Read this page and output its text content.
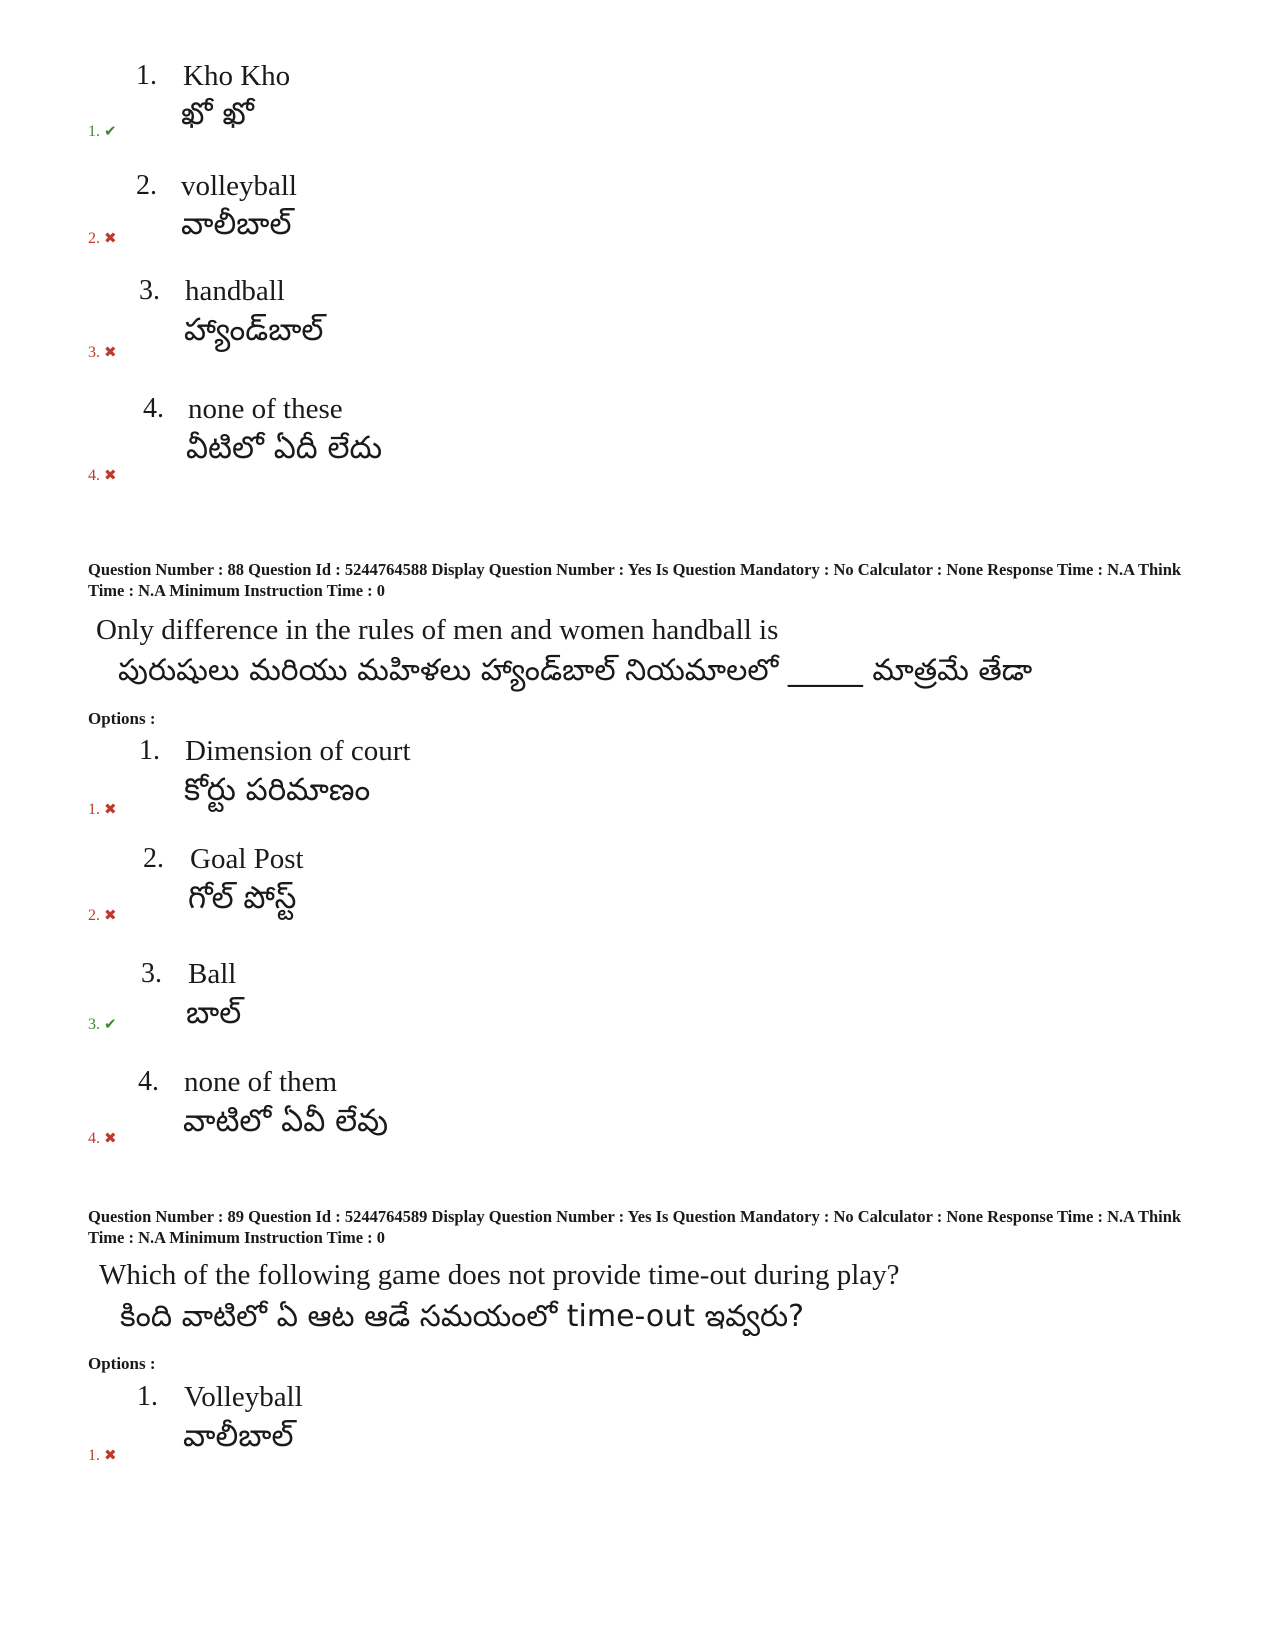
1. Kho Kho
ఖో ఖో
1. ✔
2. volleyball
వాలీబాల్
2. ✖
3. handball
హ్యాండ్‌బాల్
3. ✖
4. none of these
వీటిలో ఏదీ లేదు
4. ✖
Question Number : 88 Question Id : 5244764588 Display Question Number : Yes Is Question Mandatory : No Calculator : None Response Time : N.A Think Time : N.A Minimum Instruction Time : 0
Only difference in the rules of men and women handball is
పురుషులు మరియు మహిళలు హ్యాండ్‌బాల్ నియమాలలో _____ మాత్రమే తేడా
Options :
1. Dimension of court
కోర్టు పరిమాణం
1. ✖
2. Goal Post
గోల్ పోస్ట్
2. ✖
3. Ball
బాల్
3. ✔
4. none of them
వాటిలో ఏవీ లేవు
4. ✖
Question Number : 89 Question Id : 5244764589 Display Question Number : Yes Is Question Mandatory : No Calculator : None Response Time : N.A Think Time : N.A Minimum Instruction Time : 0
Which of the following game does not provide time-out during play?
కింది వాటిలో ఏ ఆట ఆడే సమయంలో time-out ఇవ్వరు?
Options :
1. Volleyball
వాలీబాల్
1. ✖
